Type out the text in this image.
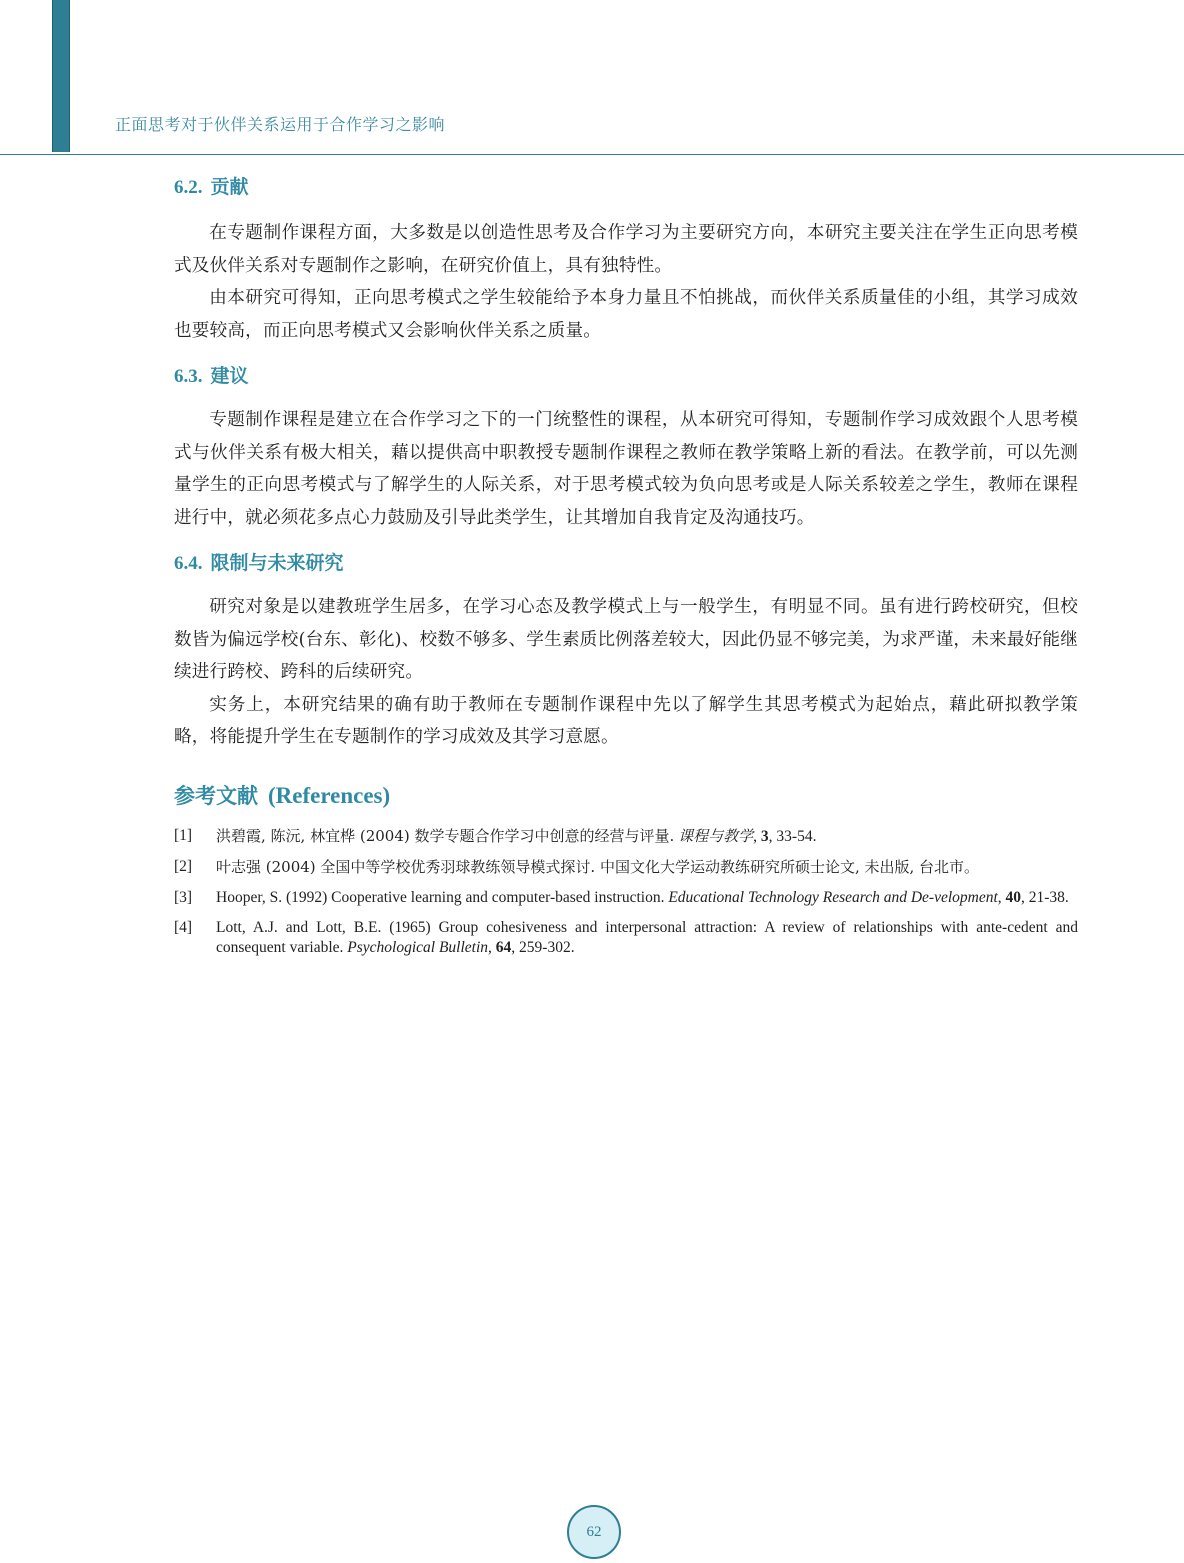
正面思考对于伙伴关系运用于合作学习之影响
6.2. 贡献

在专题制作课程方面，大多数是以创造性思考及合作学习为主要研究方向，本研究主要关注在学生正向思考模式及伙伴关系对专题制作之影响，在研究价值上，具有独特性。

由本研究可得知，正向思考模式之学生较能给予本身力量且不怕挑战，而伙伴关系质量佳的小组，其学习成效也要较高，而正向思考模式又会影响伙伴关系之质量。

6.3. 建议

专题制作课程是建立在合作学习之下的一门统整性的课程，从本研究可得知，专题制作学习成效跟个人思考模式与伙伴关系有极大相关，藉以提供高中职教授专题制作课程之教师在教学策略上新的看法。在教学前，可以先测量学生的正向思考模式与了解学生的人际关系，对于思考模式较为负向思考或是人际关系较差之学生，教师在课程进行中，就必须花多点心力鼓励及引导此类学生，让其增加自我肯定及沟通技巧。

6.4. 限制与未来研究

研究对象是以建教班学生居多，在学习心态及教学模式上与一般学生，有明显不同。虽有进行跨校研究，但校数皆为偏远学校(台东、彰化)、校数不够多、学生素质比例落差较大，因此仍显不够完美，为求严谨，未来最好能继续进行跨校、跨科的后续研究。

实务上，本研究结果的确有助于教师在专题制作课程中先以了解学生其思考模式为起始点，藉此研拟教学策略，将能提升学生在专题制作的学习成效及其学习意愿。

参考文献 (References)

[1] 洪碧霞, 陈沅, 林宜桦 (2004) 数学专题合作学习中创意的经营与评量. 课程与教学, 3, 33-54.

[2] 叶志强 (2004) 全国中等学校优秀羽球教练领导模式探讨. 中国文化大学运动教练研究所硕士论文, 未出版, 台北市。

[3] Hooper, S. (1992) Cooperative learning and computer-based instruction. Educational Technology Research and De-velopment, 40, 21-38.

[4] Lott, A.J. and Lott, B.E. (1965) Group cohesiveness and interpersonal attraction: A review of relationships with ante-cedent and consequent variable. Psychological Bulletin, 64, 259-302.

62
